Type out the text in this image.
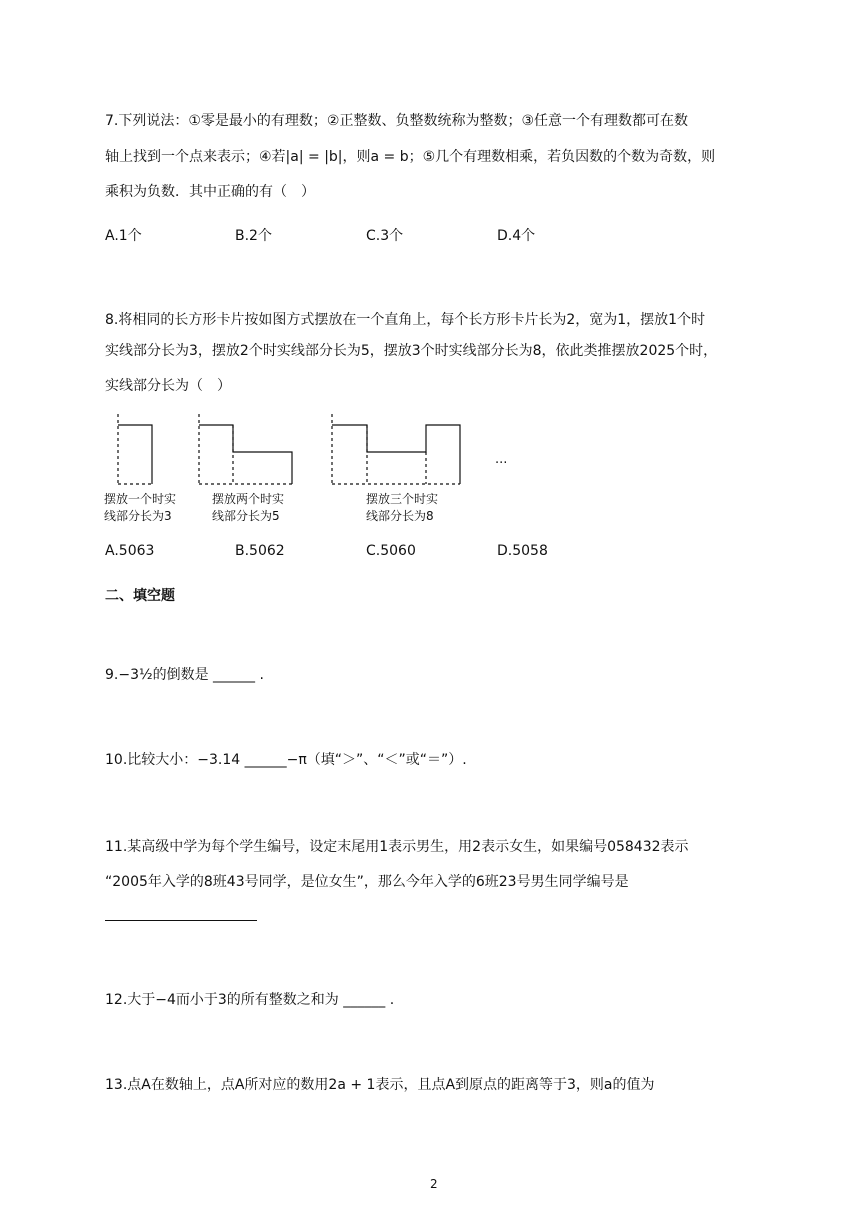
7.下列说法：①零是最小的有理数；②正整数、负整数统称为整数；③任意一个有理数都可在数
轴上找到一个点来表示；④若|a| = |b|，则a = b；⑤几个有理数相乘，若负因数的个数为奇数，则
乘积为负数．其中正确的有（　）
A.1个	B.2个	C.3个	D.4个
8.将相同的长方形卡片按如图方式摆放在一个直角上，每个长方形卡片长为2，宽为1，摆放1个时
实线部分长为3，摆放2个时实线部分长为5，摆放3个时实线部分长为8，依此类推摆放2025个时，
实线部分长为（　）
摆放一个时实
线部分长为3
摆放两个时实
线部分长为5
摆放三个时实
线部分长为8
...
A.5063	B.5062	C.5060	D.5058
二、填空题
9.−3½的倒数是 ______ .
10.比较大小：−3.14 ______−π（填“＞”、“＜”或“＝”）.
11.某高级中学为每个学生编号，设定末尾用1表示男生，用2表示女生，如果编号058432表示
“2005年入学的8班43号同学，是位女生”，那么今年入学的6班23号男生同学编号是
12.大于−4而小于3的所有整数之和为 ______ .
13.点A在数轴上，点A所对应的数用2a + 1表示，且点A到原点的距离等于3，则a的值为
2
